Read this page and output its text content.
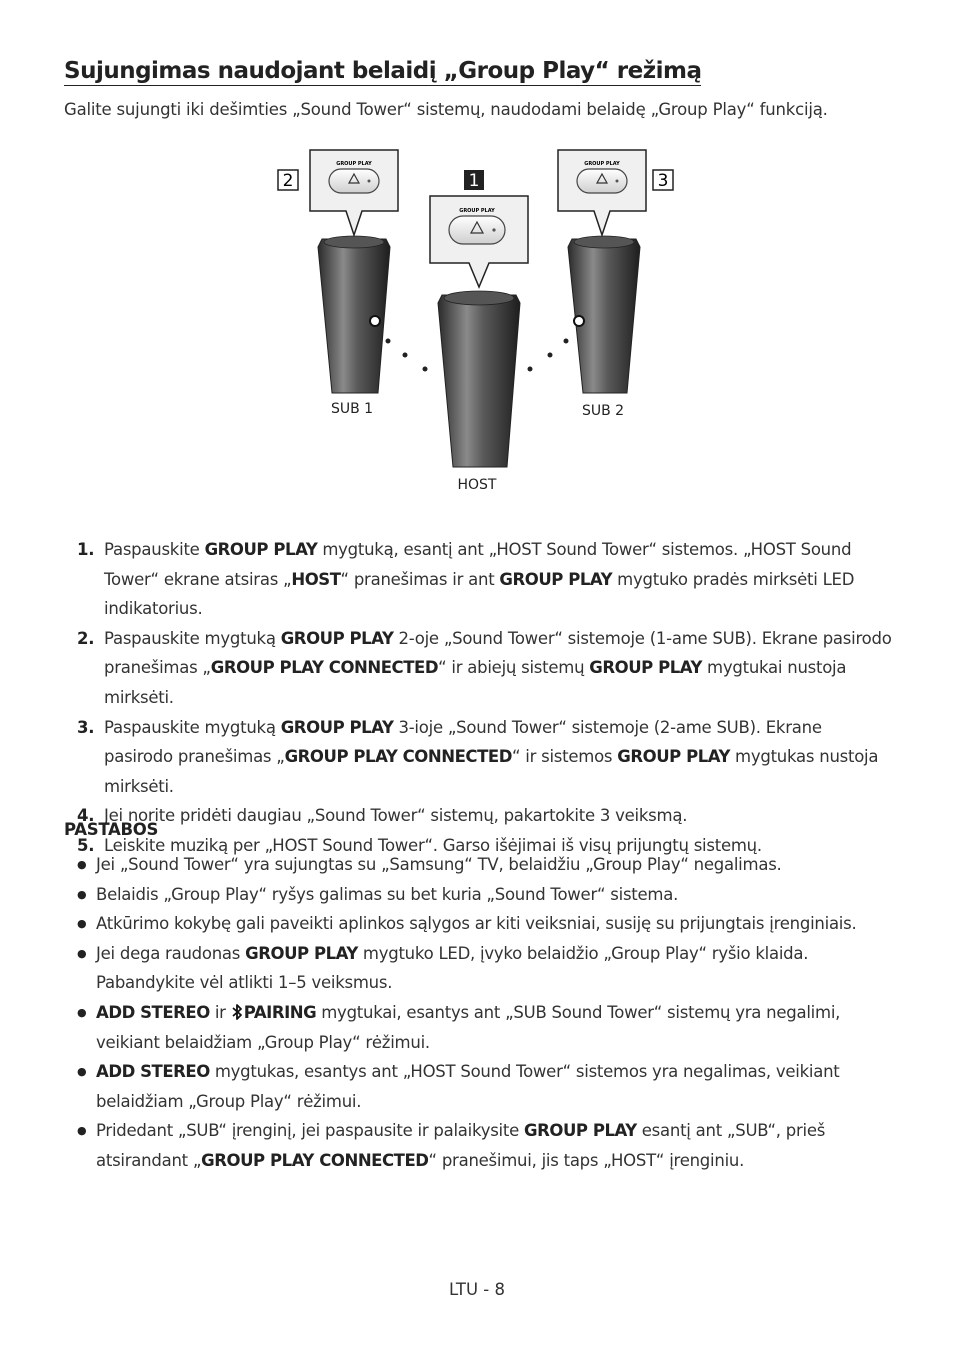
Sujungimas naudojant belaidį „Group Play“ režimą
Galite sujungti iki dešimties „Sound Tower“ sistemų, naudodami belaidę „Group Play“ funkciją.
GROUP PLAY
2
GROUP PLAY
1
GROUP PLAY
3
SUB 1	SUB 2
HOST
1. Paspauskite GROUP PLAY mygtuką, esantį ant „HOST Sound Tower“ sistemos. „HOST Sound Tower“ ekrane atsiras „HOST“ pranešimas ir ant GROUP PLAY mygtuko pradės mirksėti LED indikatorius.
2. Paspauskite mygtuką GROUP PLAY 2-oje „Sound Tower“ sistemoje (1-ame SUB). Ekrane pasirodo pranešimas „GROUP PLAY CONNECTED“ ir abiejų sistemų GROUP PLAY mygtukai nustoja mirksėti.
3. Paspauskite mygtuką GROUP PLAY 3-ioje „Sound Tower“ sistemoje (2-ame SUB). Ekrane pasirodo pranešimas „GROUP PLAY CONNECTED“ ir sistemos GROUP PLAY mygtukas nustoja mirksėti.
4. Jei norite pridėti daugiau „Sound Tower“ sistemų, pakartokite 3 veiksmą.
5. Leiskite muziką per „HOST Sound Tower“. Garso išėjimai iš visų prijungtų sistemų.
PASTABOS
● Jei „Sound Tower“ yra sujungtas su „Samsung“ TV, belaidžiu „Group Play“ negalimas.
● Belaidis „Group Play“ ryšys galimas su bet kuria „Sound Tower“ sistema.
● Atkūrimo kokybę gali paveikti aplinkos sąlygos ar kiti veiksniai, susiję su prijungtais įrenginiais.
● Jei dega raudonas GROUP PLAY mygtuko LED, įvyko belaidžio „Group Play“ ryšio klaida. Pabandykite vėl atlikti 1–5 veiksmus.
● ADD STEREO ir PAIRING mygtukai, esantys ant „SUB Sound Tower“ sistemų yra negalimi, veikiant belaidžiam „Group Play“ rėžimui.
● ADD STEREO mygtukas, esantys ant „HOST Sound Tower“ sistemos yra negalimas, veikiant belaidžiam „Group Play“ rėžimui.
● Pridedant „SUB“ įrenginį, jei paspausite ir palaikysite GROUP PLAY esantį ant „SUB“, prieš atsirandant „GROUP PLAY CONNECTED“ pranešimui, jis taps „HOST“ įrenginiu.
LTU - 8
